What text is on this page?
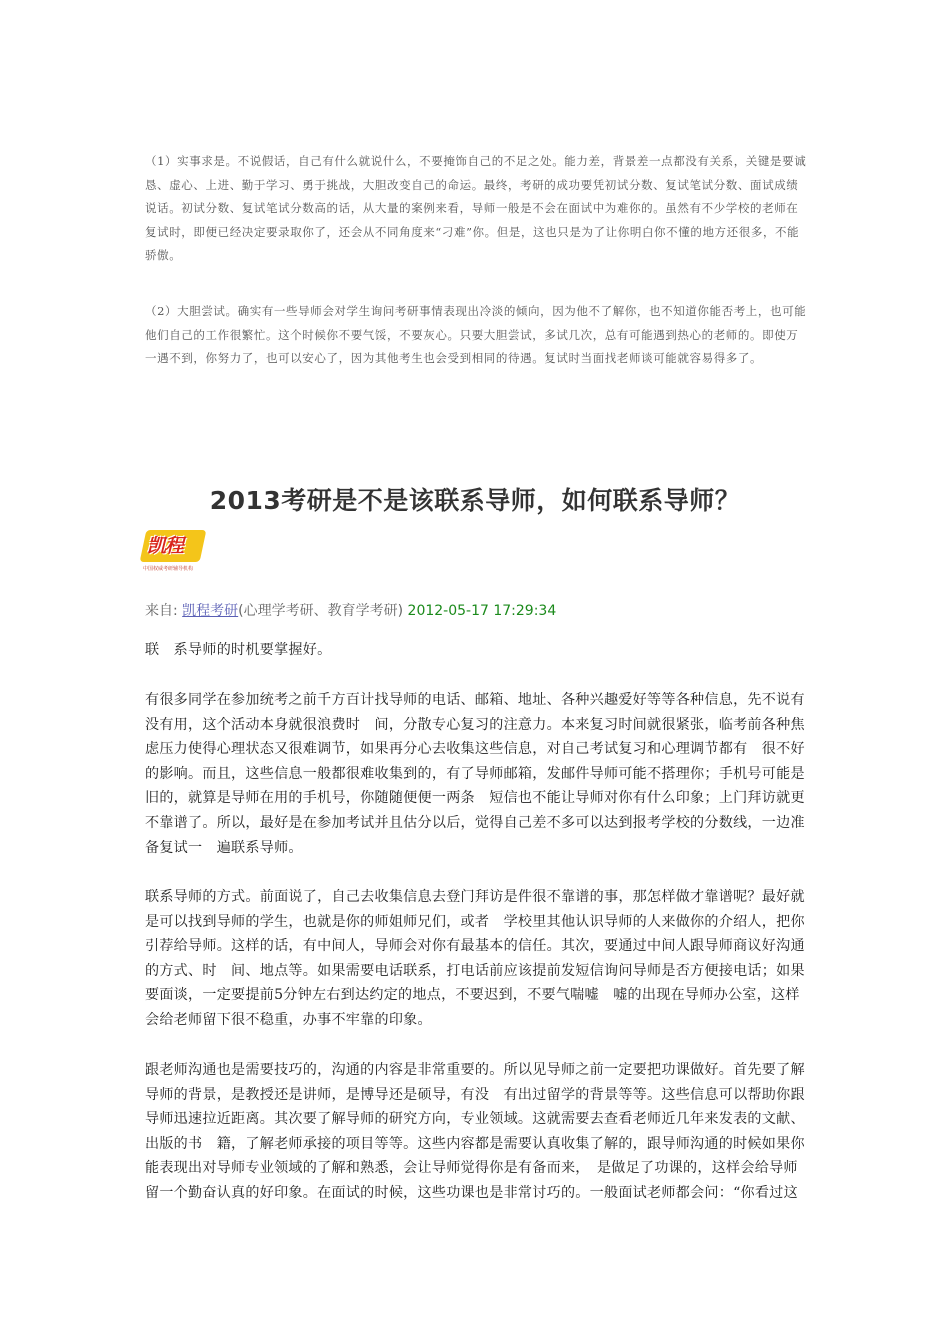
（1）实事求是。不说假话，自己有什么就说什么，不要掩饰自己的不足之处。能力差，背景差一点都没有关系，关键是要诚恳、虚心、上进、勤于学习、勇于挑战，大胆改变自己的命运。最终，考研的成功要凭初试分数、复试笔试分数、面试成绩说话。初试分数、复试笔试分数高的话，从大量的案例来看，导师一般是不会在面试中为难你的。虽然有不少学校的老师在复试时，即便已经决定要录取你了，还会从不同角度来“刁难”你。但是，这也只是为了让你明白你不懂的地方还很多，不能骄傲。
（2）大胆尝试。确实有一些导师会对学生询问考研事情表现出冷淡的倾向，因为他不了解你，也不知道你能否考上，也可能他们自己的工作很繁忙。这个时候你不要气馁，不要灰心。只要大胆尝试，多试几次，总有可能遇到热心的老师的。即使万一遇不到，你努力了，也可以安心了，因为其他考生也会受到相同的待遇。复试时当面找老师谈可能就容易得多了。
2013考研是不是该联系导师，如何联系导师？
凯程
中国权威考研辅导机构
来自: 凯程考研(心理学考研、教育学考研) 2012-05-17 17:29:34
联　系导师的时机要掌握好。
有很多同学在参加统考之前千方百计找导师的电话、邮箱、地址、各种兴趣爱好等等各种信息，先不说有没有用，这个活动本身就很浪费时　间，分散专心复习的注意力。本来复习时间就很紧张，临考前各种焦虑压力使得心理状态又很难调节，如果再分心去收集这些信息，对自己考试复习和心理调节都有　很不好的影响。而且，这些信息一般都很难收集到的，有了导师邮箱，发邮件导师可能不搭理你；手机号可能是旧的，就算是导师在用的手机号，你随随便便一两条　短信也不能让导师对你有什么印象；上门拜访就更不靠谱了。所以，最好是在参加考试并且估分以后，觉得自己差不多可以达到报考学校的分数线，一边准备复试一　遍联系导师。
联系导师的方式。前面说了，自己去收集信息去登门拜访是件很不靠谱的事，那怎样做才靠谱呢？最好就是可以找到导师的学生，也就是你的师姐师兄们，或者　学校里其他认识导师的人来做你的介绍人，把你引荐给导师。这样的话，有中间人，导师会对你有最基本的信任。其次，要通过中间人跟导师商议好沟通的方式、时　间、地点等。如果需要电话联系，打电话前应该提前发短信询问导师是否方便接电话；如果要面谈，一定要提前5分钟左右到达约定的地点，不要迟到，不要气喘嘘　嘘的出现在导师办公室，这样会给老师留下很不稳重，办事不牢靠的印象。
跟老师沟通也是需要技巧的，沟通的内容是非常重要的。所以见导师之前一定要把功课做好。首先要了解导师的背景，是教授还是讲师，是博导还是硕导，有没　有出过留学的背景等等。这些信息可以帮助你跟导师迅速拉近距离。其次要了解导师的研究方向，专业领域。这就需要去查看老师近几年来发表的文献、出版的书　籍，了解老师承接的项目等等。这些内容都是需要认真收集了解的，跟导师沟通的时候如果你能表现出对导师专业领域的了解和熟悉，会让导师觉得你是有备而来，　是做足了功课的，这样会给导师留一个勤奋认真的好印象。在面试的时候，这些功课也是非常讨巧的。一般面试老师都会问：“你看过这
